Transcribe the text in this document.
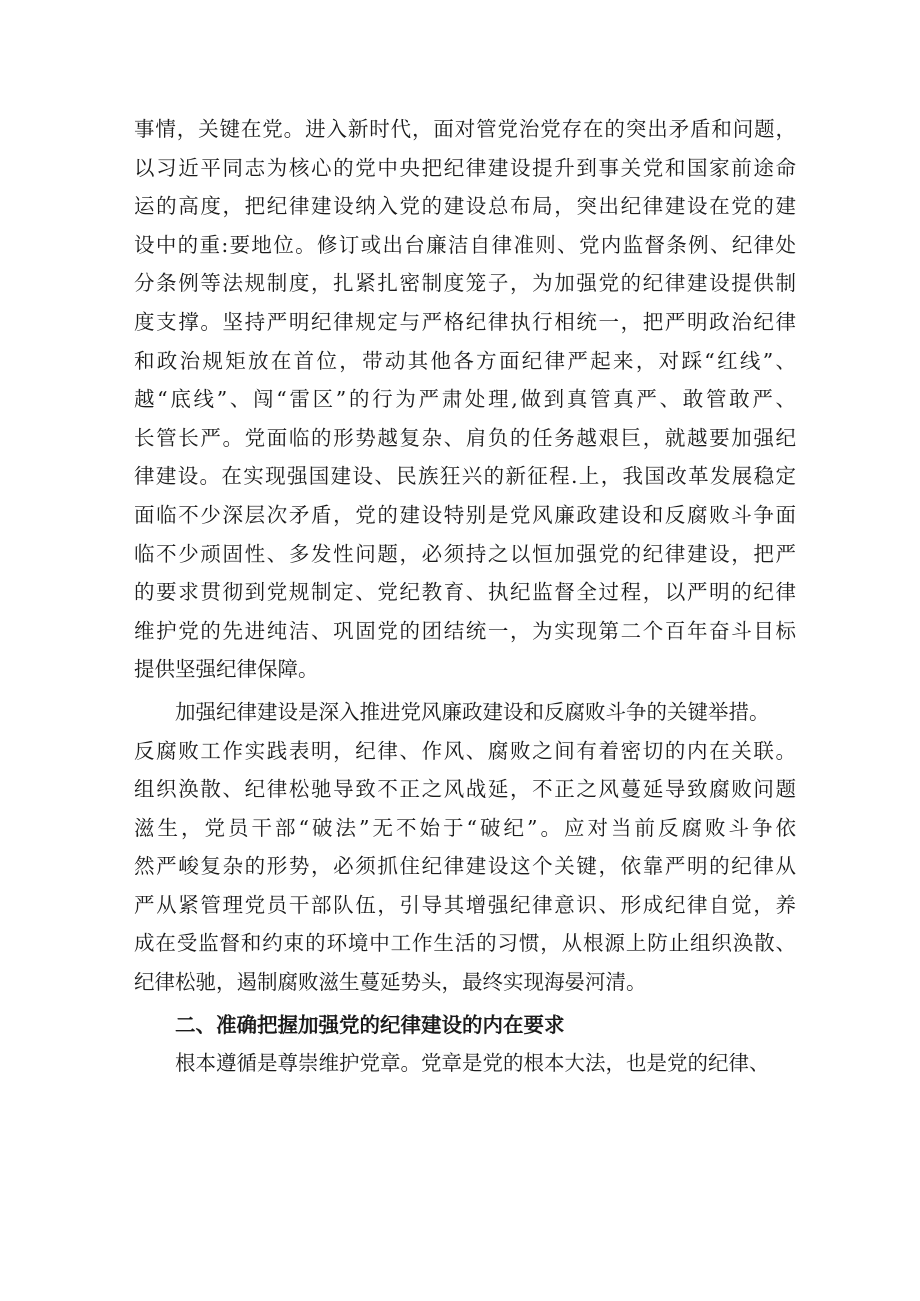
事情，关键在党。进入新时代，面对管党治党存在的突出矛盾和问题，
以习近平同志为核心的党中央把纪律建设提升到事关党和国家前途命
运的高度，把纪律建设纳入党的建设总布局，突出纪律建设在党的建
设中的重:要地位。修订或出台廉洁自律准则、党内监督条例、纪律处
分条例等法规制度，扎紧扎密制度笼子，为加强党的纪律建设提供制
度支撑。坚持严明纪律规定与严格纪律执行相统一，把严明政治纪律
和政治规矩放在首位，带动其他各方面纪律严起来，对踩“红线”、
越“底线”、闯“雷区”的行为严肃处理,做到真管真严、敢管敢严、
长管长严。党面临的形势越复杂、肩负的任务越艰巨，就越要加强纪
律建设。在实现强国建设、民族狂兴的新征程.上，我国改革发展稳定
面临不少深层次矛盾，党的建设特别是党风廉政建设和反腐败斗争面
临不少顽固性、多发性问题，必须持之以恒加强党的纪律建设，把严
的要求贯彻到党规制定、党纪教育、执纪监督全过程，以严明的纪律
维护党的先进纯洁、巩固党的团结统一，为实现第二个百年奋斗目标
提供坚强纪律保障。
加强纪律建设是深入推进党风廉政建设和反腐败斗争的关键举措。
反腐败工作实践表明，纪律、作风、腐败之间有着密切的内在关联。
组织涣散、纪律松驰导致不正之风战延，不正之风蔓延导致腐败问题
滋生，党员干部“破法”无不始于“破纪”。应对当前反腐败斗争依
然严峻复杂的形势，必须抓住纪律建设这个关键，依靠严明的纪律从
严从紧管理党员干部队伍，引导其增强纪律意识、形成纪律自觉，养
成在受监督和约束的环境中工作生活的习惯，从根源上防止组织涣散、
纪律松驰，遏制腐败滋生蔓延势头，最终实现海晏河清。
二、准确把握加强党的纪律建设的内在要求
根本遵循是尊崇维护党章。党章是党的根本大法，也是党的纪律、
